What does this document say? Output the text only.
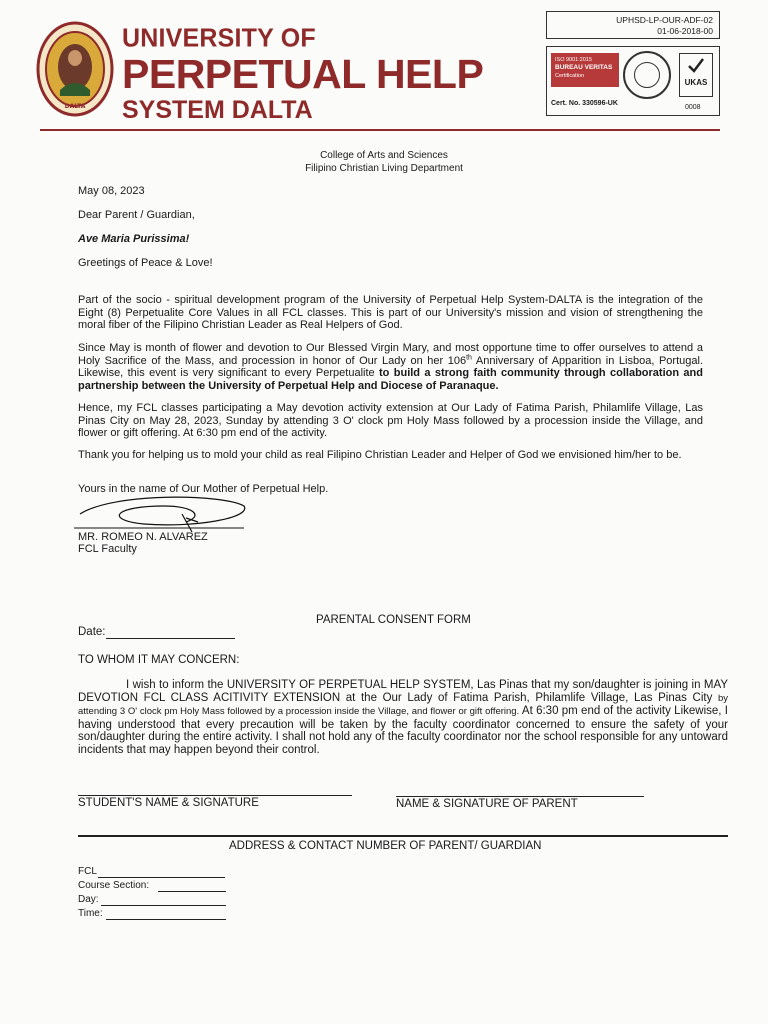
DALTA
UNIVERSITY OF
PERPETUAL HELP
SYSTEM DALTA
UPHSD-LP-OUR-ADF-02
01-06-2018-00
ISO 9001:2015
BUREAU VERITAS
Certification
UKAS
Cert. No. 330596-UK
0008
College of Arts and Sciences
Filipino Christian Living Department
May 08, 2023
Dear Parent / Guardian,
Ave Maria Purissima!
Greetings of Peace & Love!
Part of the socio - spiritual development program of the University of Perpetual Help System-DALTA is the integration of the Eight (8) Perpetualite Core Values in all FCL classes. This is part of our University's mission and vision of strengthening the moral fiber of the Filipino Christian Leader as Real Helpers of God.
Since May is month of flower and devotion to Our Blessed Virgin Mary, and most opportune time to offer ourselves to attend a Holy Sacrifice of the Mass, and procession in honor of Our Lady on her 106th Anniversary of Apparition in Lisboa, Portugal. Likewise, this event is very significant to every Perpetualite to build a strong faith community through collaboration and partnership between the University of Perpetual Help and Diocese of Paranaque.
Hence, my FCL classes participating a May devotion activity extension at Our Lady of Fatima Parish, Philamlife Village, Las Pinas City on May 28, 2023, Sunday by attending 3 O' clock pm Holy Mass followed by a procession inside the Village, and flower or gift offering. At 6:30 pm end of the activity.
Thank you for helping us to mold your child as real Filipino Christian Leader and Helper of God we envisioned him/her to be.
Yours in the name of Our Mother of Perpetual Help.
MR. ROMEO N. ALVAREZ
FCL Faculty
PARENTAL CONSENT FORM
Date:
TO WHOM IT MAY CONCERN:
I wish to inform the UNIVERSITY OF PERPETUAL HELP SYSTEM, Las Pinas that my son/daughter is joining in MAY DEVOTION FCL CLASS ACITIVITY EXTENSION at the Our Lady of Fatima Parish, Philamlife Village, Las Pinas City by attending 3 O' clock pm Holy Mass followed by a procession inside the Village, and flower or gift offering. At 6:30 pm end of the activity Likewise, I having understood that every precaution will be taken by the faculty coordinator concerned to ensure the safety of your son/daughter during the entire activity. I shall not hold any of the faculty coordinator nor the school responsible for any untoward incidents that may happen beyond their control.
STUDENT'S NAME & SIGNATURE	NAME & SIGNATURE OF PARENT
ADDRESS & CONTACT NUMBER OF PARENT/ GUARDIAN
FCL
Course Section:
Day:
Time:
